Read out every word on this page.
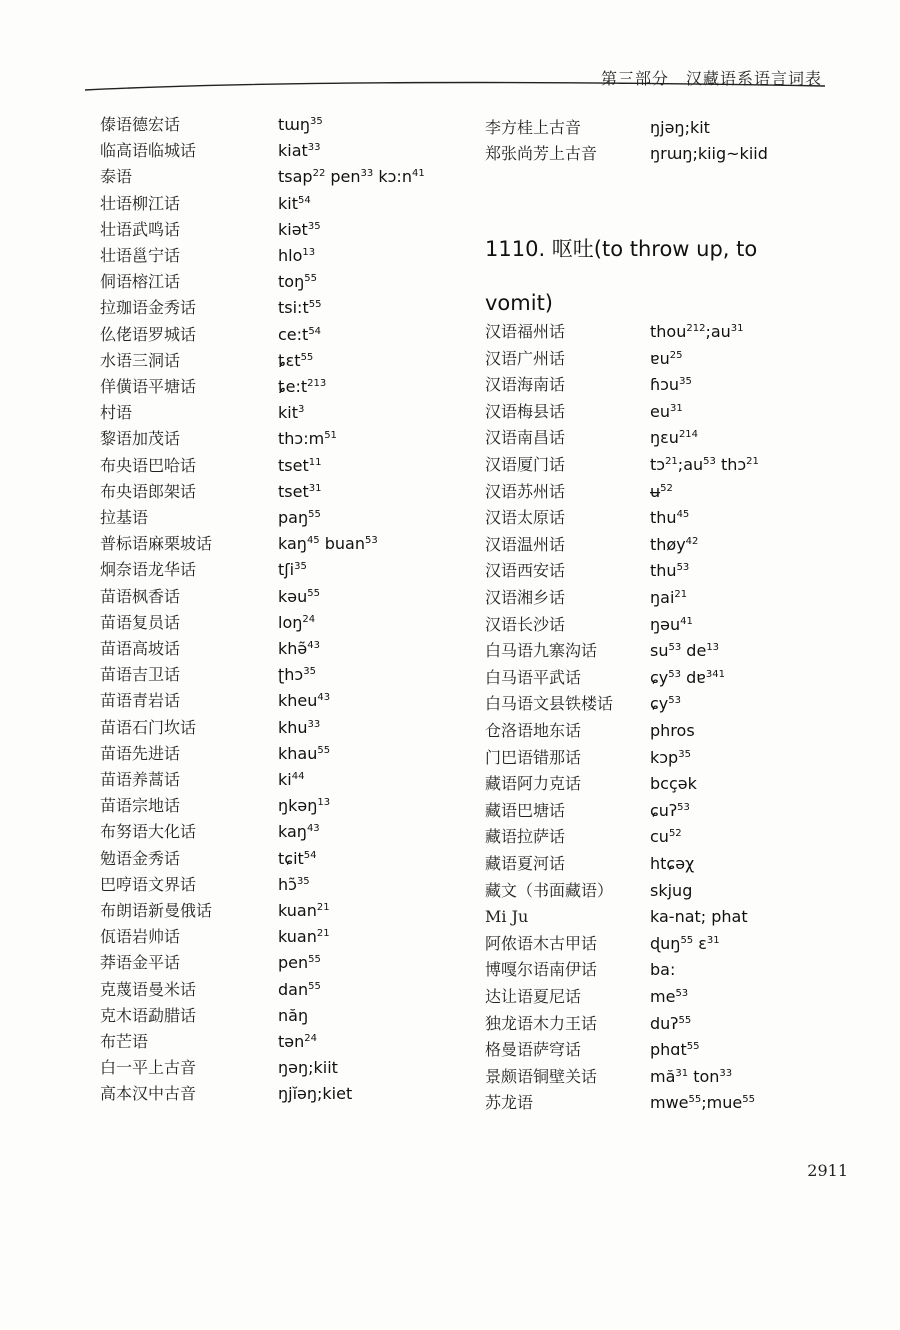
第三部分　汉藏语系语言词表
傣语德宏话	tɯŋ$^{35}$
临高语临城话	kiat$^{33}$
泰语	tsap$^{22}$ pen$^{33}$ $kɔ:n^{41}$
壮语柳江话	kit$^{54}$
壮语武鸣话	kiət$^{35}$
壮语邕宁话	hlo$^{13}$
侗语榕江话	toŋ$^{55}$
拉珈语金秀话	$tsi:t^{55}$
仫佬语罗城话	$ce:t^{54}$
水语三洞话	ȶɛt$^{55}$
佯僙语平塘话	$ȶe:t^{213}$
村语	kit$^3$
黎语加茂话	$thɔ:m^{51}$
布央语巴哈话	tset$^{11}$
布央语郎架话	tset$^{31}$
拉基语	paŋ$^{55}$
普标语麻栗坡话	kaŋ$^{45}$ buan$^{53}$
炯奈语龙华话	tʃi$^{35}$
苗语枫香话	kəu$^{55}$
苗语复员话	loŋ$^{24}$
苗语高坡话	khə̃$^{43}$
苗语吉卫话	ʈhɔ$^{35}$
苗语青岩话	kheu$^{43}$
苗语石门坎话	khu$^{33}$
苗语先进话	khau$^{55}$
苗语养蒿话	$ki^{44}$
苗语宗地话	ŋkəŋ$^{13}$
布努语大化话	kaŋ$^{43}$
勉语金秀话	tɕit$^{54}$
巴哼语文界话	hɔ̃$^{35}$
布朗语新曼俄话	kuan$^{21}$
佤语岩帅话	kuan$^{21}$
莽语金平话	pen$^{55}$
克蔑语曼米话	dan$^{55}$
克木语勐腊话	năŋ
布芒语	tən$^{24}$
白一平上古音	ŋəŋ;kiit
高本汉中古音	ŋjĭəŋ;kiet
李方桂上古音	ŋjəŋ;kit
郑张尚芳上古音	ŋrɯŋ;kiig~kiid
1110. 呕吐(to throw up, to vomit)
汉语福州话	$thou^{212};au^{31}$
汉语广州话	ɐu$^{25}$
汉语海南话	ɦɔu$^{35}$
汉语梅县话	$eu^{31}$
汉语南昌话	ŋɛu$^{214}$
汉语厦门话	$tɔ^{21};au^{53}$ thɔ$^{21}$
汉语苏州话	ʉ$^{52}$
汉语太原话	thu$^{45}$
汉语温州话	thøy$^{42}$
汉语西安话	thu$^{53}$
汉语湘乡话	ŋai$^{21}$
汉语长沙话	ŋəu$^{41}$
白马语九寨沟话	$su^{53}$ $de^{13}$
白马语平武话	ɕy$^{53}$ dɐ$^{341}$
白马语文县铁楼话 ɕy$^{53}$
仓洛语地东话	phros
门巴语错那话	kɔp$^{35}$
藏语阿力克话	bcçək
藏语巴塘话	ɕuʔ$^{53}$
藏语拉萨话	$cu^{52}$
藏语夏河话	htɕəχ
藏文（书面藏语） skjug
Mi Ju	ka-nat; phat
阿侬语木古甲话	ɖuŋ$^{55}$ ɛ$^{31}$
博嘎尔语南伊话	ba:
达让语夏尼话	$me^{53}$
独龙语木力王话	duʔ$^{55}$
格曼语萨穹话	phɑt$^{55}$
景颇语铜壁关话	$mă^{31}$ ton$^{33}$
苏龙语	mwe$^{55}$;mue$^{55}$
2911
